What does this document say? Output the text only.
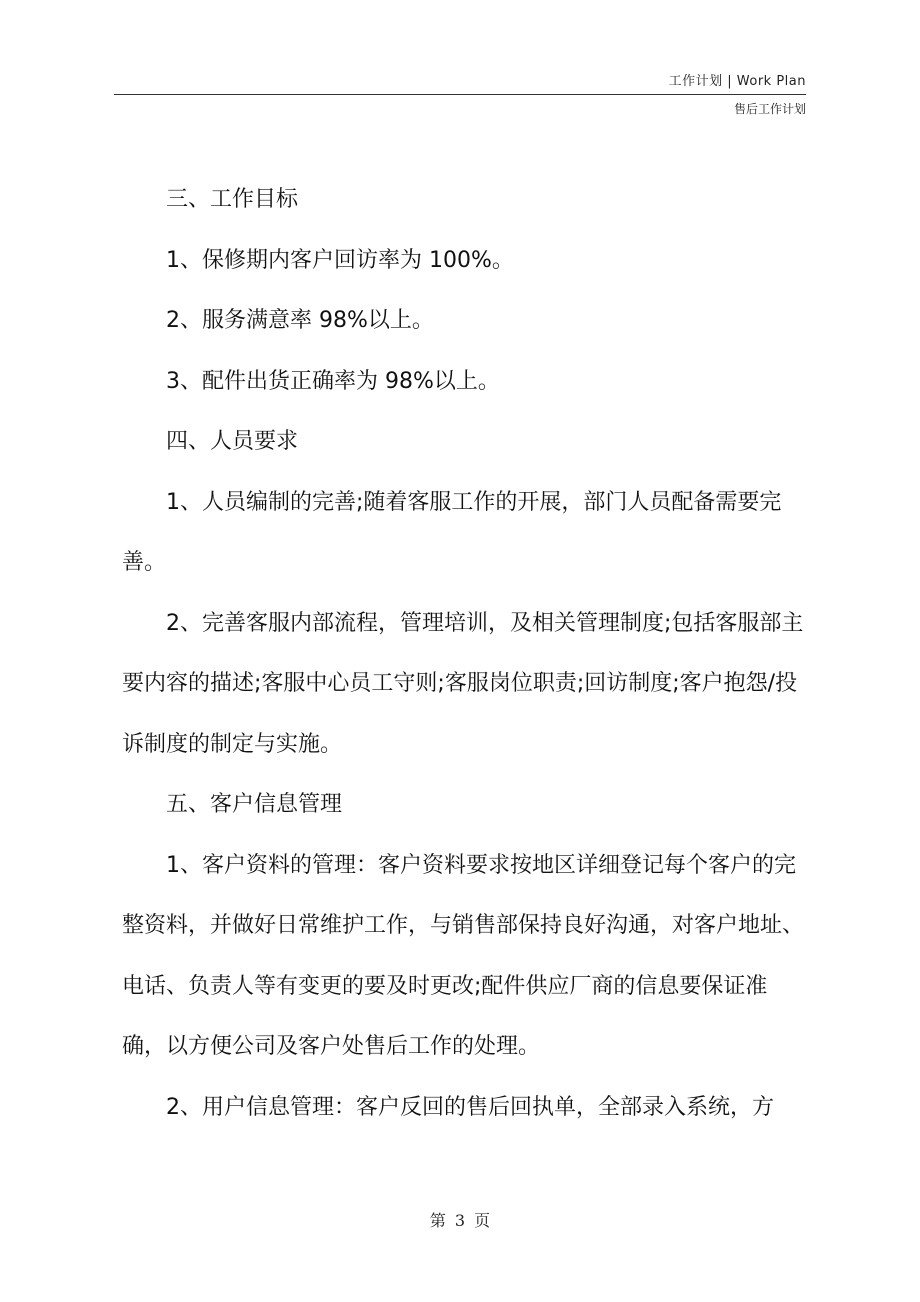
工作计划 | Work Plan
售后工作计划

三、工作目标

1、保修期内客户回访率为 100%。

2、服务满意率 98%以上。

3、配件出货正确率为 98%以上。

四、人员要求

1、人员编制的完善;随着客服工作的开展，部门人员配备需要完善。

2、完善客服内部流程，管理培训，及相关管理制度;包括客服部主要内容的描述;客服中心员工守则;客服岗位职责;回访制度;客户抱怨/投诉制度的制定与实施。

五、客户信息管理

1、客户资料的管理：客户资料要求按地区详细登记每个客户的完整资料，并做好日常维护工作，与销售部保持良好沟通，对客户地址、电话、负责人等有变更的要及时更改;配件供应厂商的信息要保证准确，以方便公司及客户处售后工作的处理。

2、用户信息管理：客户反回的售后回执单，全部录入系统，方

第 3 页
